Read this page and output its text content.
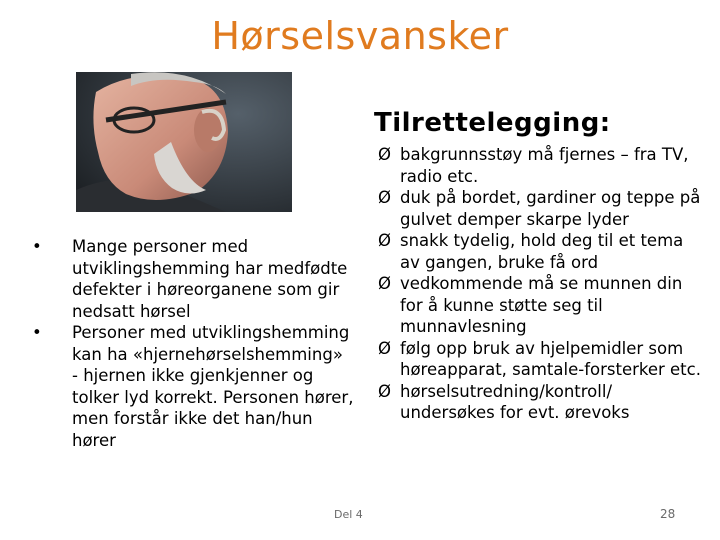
Hørselsvansker
• Mange personer med utviklingshemming har medfødte defekter i høreorganene som gir nedsatt hørsel
• Personer med utviklingshemming kan ha «hjernehørselshemming» - hjernen ikke gjenkjenner og tolker lyd korrekt. Personen hører, men forstår ikke det han/hun hører
Tilrettelegging:
Ø bakgrunnsstøy må fjernes – fra TV, radio etc.
Ø duk på bordet, gardiner og teppe på gulvet demper skarpe lyder
Ø snakk tydelig, hold deg til et tema av gangen, bruke få ord
Ø vedkommende må se munnen din for å kunne støtte seg til munnavlesning
Ø følg opp bruk av hjelpemidler som høreapparat, samtale-forsterker etc.
Ø hørselsutredning/kontroll/ undersøkes for evt. ørevoks
Del 4	28
